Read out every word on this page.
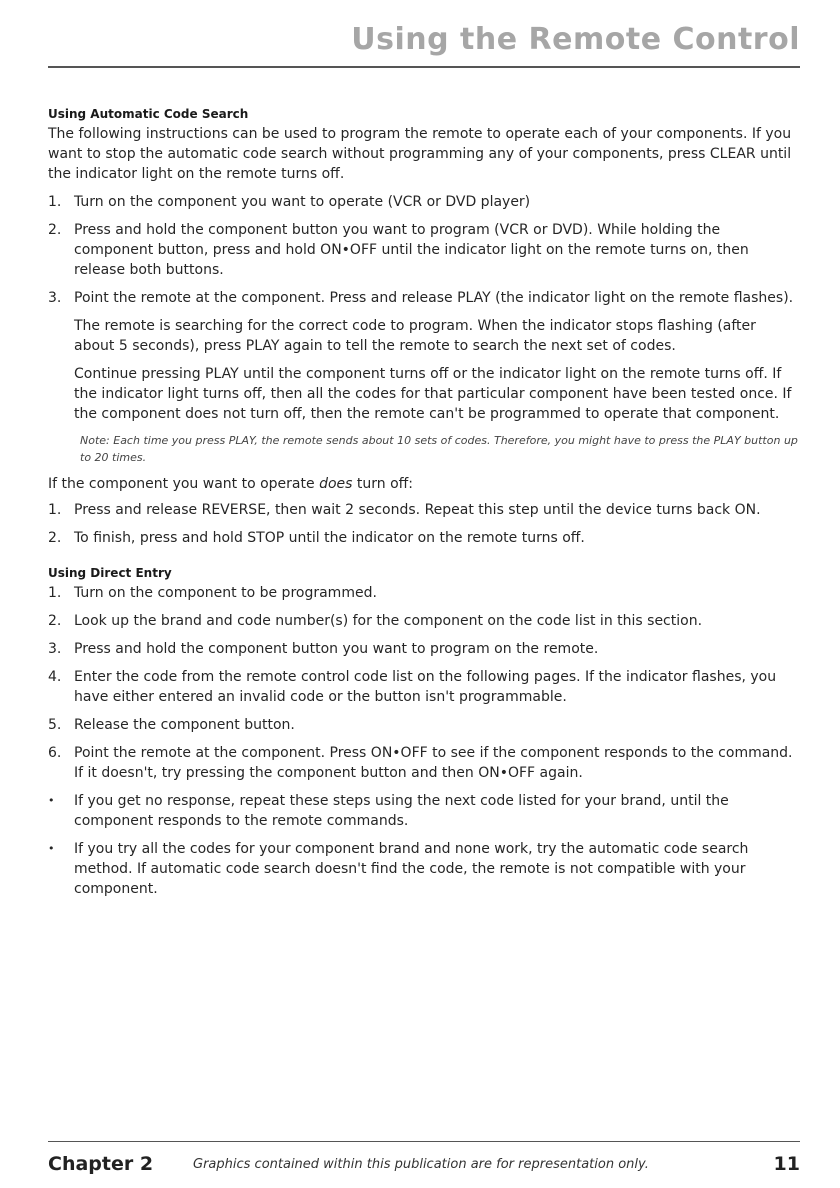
Using the Remote Control
Using Automatic Code Search

The following instructions can be used to program the remote to operate each of your components. If you want to stop the automatic code search without programming any of your components, press CLEAR until the indicator light on the remote turns off.

1. Turn on the component you want to operate (VCR or DVD player)
2. Press and hold the component button you want to program (VCR or DVD). While holding the component button, press and hold ON•OFF until the indicator light on the remote turns on, then release both buttons.
3. Point the remote at the component. Press and release PLAY (the indicator light on the remote flashes).

The remote is searching for the correct code to program. When the indicator stops flashing (after about 5 seconds), press PLAY again to tell the remote to search the next set of codes.

Continue pressing PLAY until the component turns off or the indicator light on the remote turns off. If the indicator light turns off, then all the codes for that particular component have been tested once. If the component does not turn off, then the remote can't be programmed to operate that component.

Note: Each time you press PLAY, the remote sends about 10 sets of codes. Therefore, you might have to press the PLAY button up to 20 times.

If the component you want to operate does turn off:

1. Press and release REVERSE, then wait 2 seconds. Repeat this step until the device turns back ON.
2. To finish, press and hold STOP until the indicator on the remote turns off.
Using Direct Entry
1. Turn on the component to be programmed.
2. Look up the brand and code number(s) for the component on the code list in this section.
3. Press and hold the component button you want to program on the remote.
4. Enter the code from the remote control code list on the following pages. If the indicator flashes, you have either entered an invalid code or the button isn't programmable.
5. Release the component button.
6. Point the remote at the component. Press ON•OFF to see if the component responds to the command. If it doesn't, try pressing the component button and then ON•OFF again.
•	If you get no response, repeat these steps using the next code listed for your brand, until the component responds to the remote commands.
•	If you try all the codes for your component brand and none work, try the automatic code search method. If automatic code search doesn't find the code, the remote is not compatible with your component.
Chapter 2	Graphics contained within this publication are for representation only.	11
